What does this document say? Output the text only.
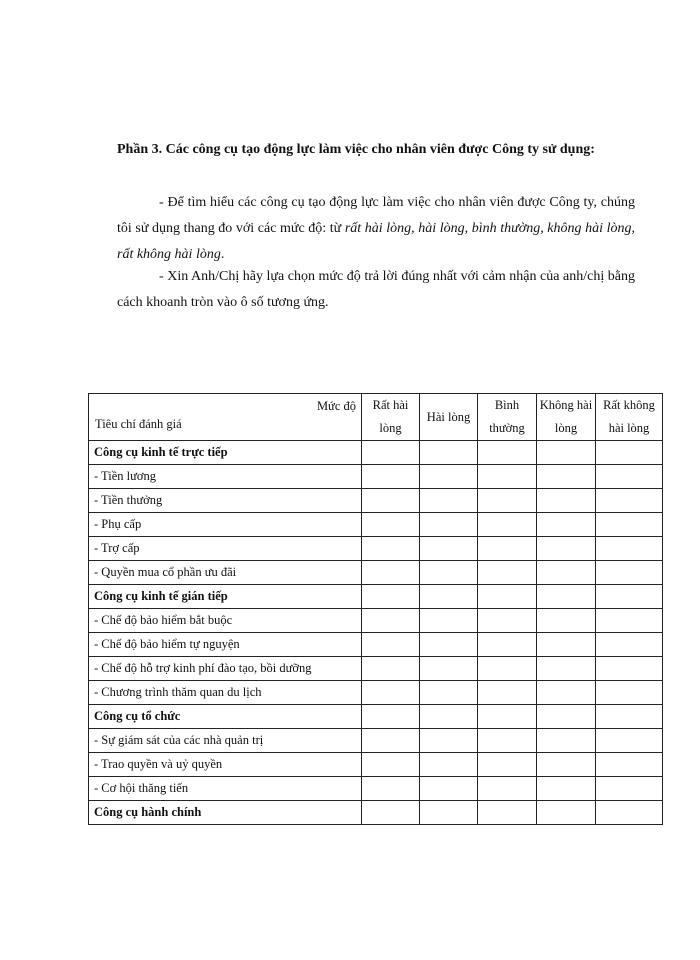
Phần 3. Các công cụ tạo động lực làm việc cho nhân viên được Công ty sử dụng:

- Để tìm hiểu các công cụ tạo động lực làm việc cho nhân viên được Công ty, chúng tôi sử dụng thang đo với các mức độ: từ rất hài lòng, hài lòng, bình thường, không hài lòng, rất không hài lòng.

- Xin Anh/Chị hãy lựa chọn mức độ trả lời đúng nhất với cảm nhận của anh/chị bằng cách khoanh tròn vào ô số tương ứng.

Mức độ
Tiêu chí đánh giá	Rất hài lòng	Hài lòng	Bình thường	Không hài lòng	Rất không hài lòng
Công cụ kinh tế trực tiếp					
- Tiền lương					
- Tiền thưởng					
- Phụ cấp					
- Trợ cấp					
- Quyền mua cổ phần ưu đãi					
Công cụ kinh tế gián tiếp					
- Chế độ bảo hiểm bắt buộc					
- Chế độ bảo hiểm tự nguyện					
- Chế độ hỗ trợ kinh phí đào tạo, bồi dưỡng					
- Chương trình thăm quan du lịch					
Công cụ tổ chức					
- Sự giám sát của các nhà quản trị					
- Trao quyền và uỷ quyền					
- Cơ hội thăng tiến					
Công cụ hành chính					
